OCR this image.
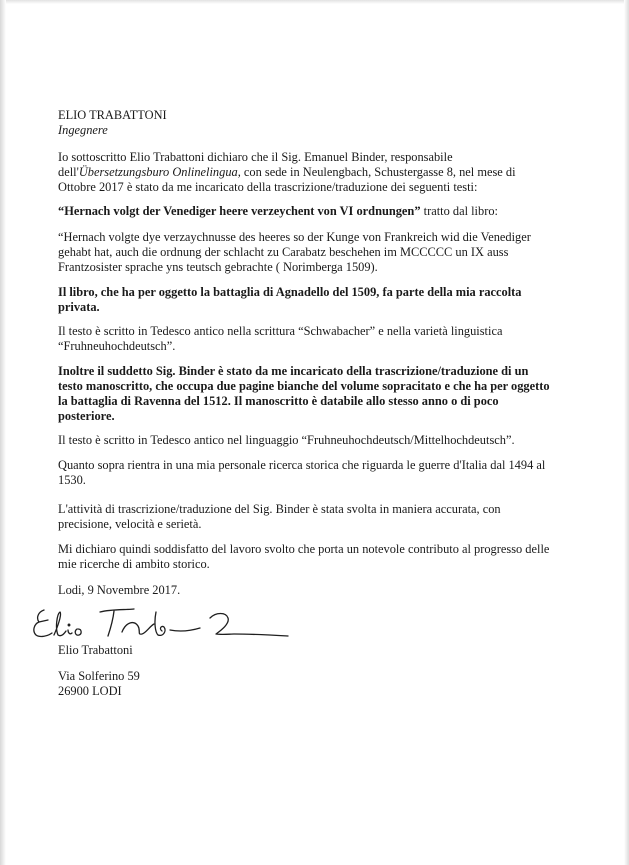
ELIO TRABATTONI
Ingegnere
Io sottoscritto Elio Trabattoni dichiaro che il Sig. Emanuel Binder, responsabile
dell'Übersetzungsburo Onlinelingua, con sede in Neulengbach, Schustergasse 8, nel mese di
Ottobre 2017 è stato da me incaricato della trascrizione/traduzione dei seguenti testi:
“Hernach volgt der Venediger heere verzeychent von VI ordnungen” tratto dal libro:
“Hernach volgte dye verzaychnusse des heeres so der Kunge von Frankreich wid die Venediger
gehabt hat, auch die ordnung der schlacht zu Carabatz beschehen im MCCCCC un IX auss
Frantzosister sprache yns teutsch gebrachte ( Norimberga 1509).
Il libro, che ha per oggetto la battaglia di Agnadello del 1509, fa parte della mia raccolta
privata.
Il testo è scritto in Tedesco antico nella scrittura “Schwabacher” e nella varietà linguistica
“Fruhneuhochdeutsch”.
Inoltre il suddetto Sig. Binder è stato da me incaricato della trascrizione/traduzione di un
testo manoscritto, che occupa due pagine bianche del volume sopracitato e che ha per oggetto
la battaglia di Ravenna del 1512. Il manoscritto è databile allo stesso anno o di poco
posteriore.
Il testo è scritto in Tedesco antico nel linguaggio “Fruhneuhochdeutsch/Mittelhochdeutsch”.
Quanto sopra rientra in una mia personale ricerca storica che riguarda le guerre d'Italia dal 1494 al
1530.
L'attività di trascrizione/traduzione del Sig. Binder è stata svolta in maniera accurata, con
precisione, velocità e serietà.
Mi dichiaro quindi soddisfatto del lavoro svolto che porta un notevole contributo al progresso delle
mie ricerche di ambito storico.
Lodi, 9 Novembre 2017.
Elio Trabattoni
Via Solferino 59
26900 LODI
